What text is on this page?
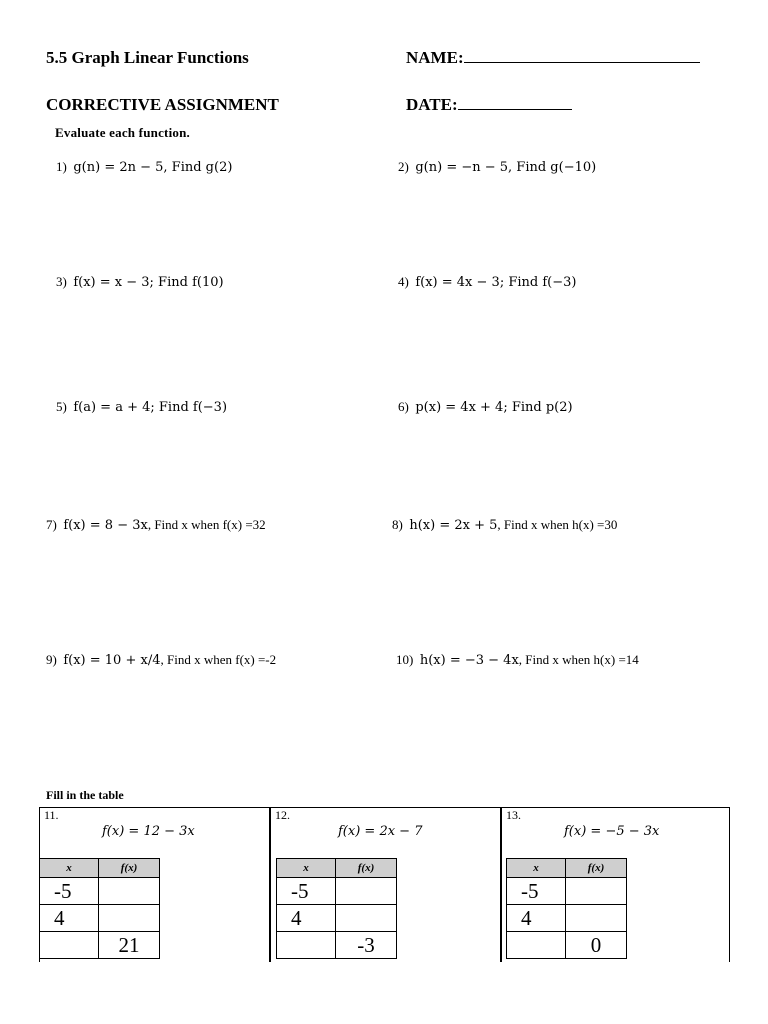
5.5 Graph Linear Functions	NAME:
CORRECTIVE ASSIGNMENT	DATE:
Evaluate each function.
1) g(n) = 2n − 5, Find g(2)	2) g(n) = −n − 5, Find g(−10)
3) f(x) = x − 3; Find f(10)	4) f(x) = 4x − 3; Find f(−3)
5) f(a) = a + 4; Find f(−3)	6) p(x) = 4x + 4; Find p(2)
7) f(x) = 8 − 3x, Find x when f(x) =32	8) h(x) = 2x + 5, Find x when h(x) =30
9) f(x) = 10 + x/4, Find x when f(x) =-2	10) h(x) = −3 − 4x, Find x when h(x) =14
Fill in the table
11.
f(x) = 12 − 3x
x	f(x)
-5	
4	
	21
12.
f(x) = 2x − 7
x	f(x)
-5	
4	
	-3
13.
f(x) = −5 − 3x
x	f(x)
-5	
4	
	0
